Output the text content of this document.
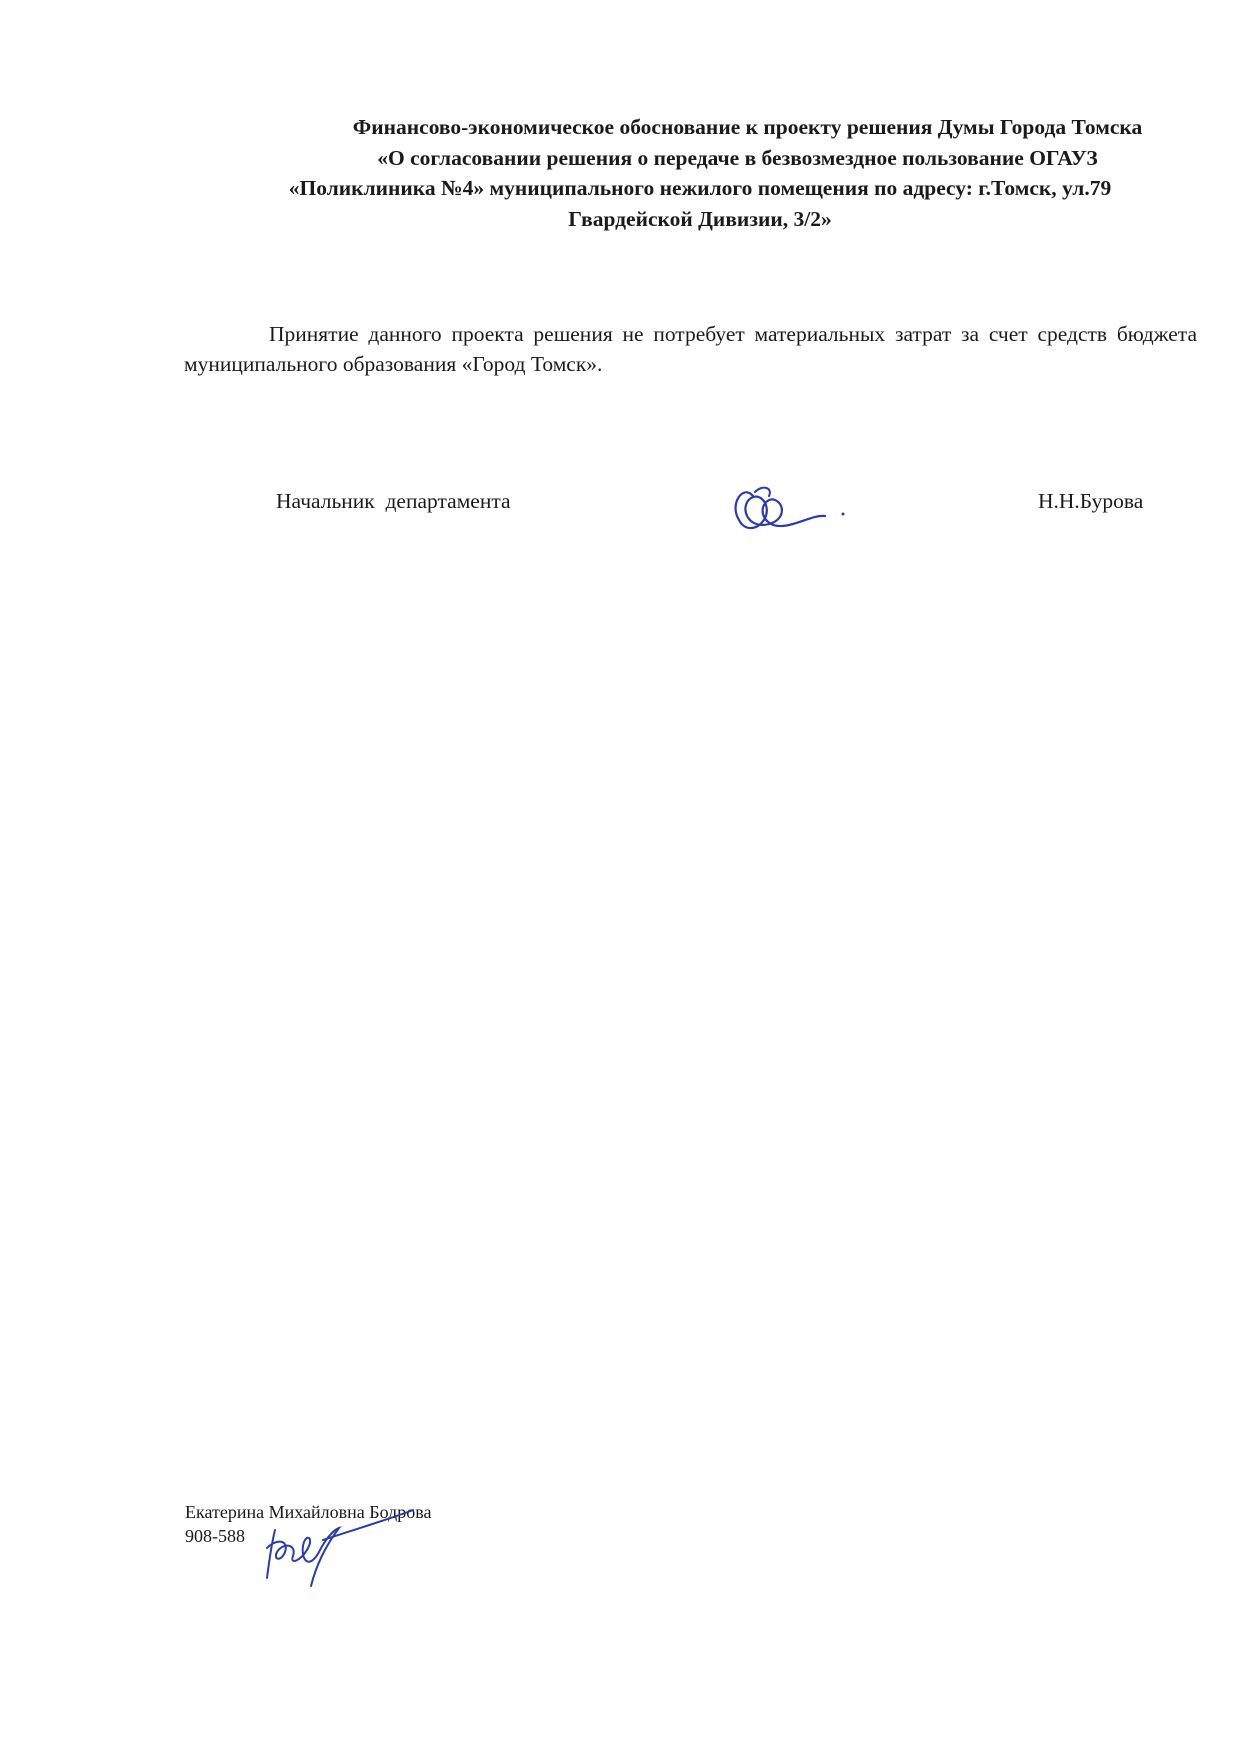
Финансово-экономическое обоснование к проекту решения Думы Города Томска
«О согласовании решения о передаче в безвозмездное пользование ОГАУЗ
«Поликлиника №4» муниципального нежилого помещения по адресу: г.Томск, ул.79
Гвардейской Дивизии, 3/2»
Принятие данного проекта решения не потребует материальных затрат за счет средств бюджета муниципального образования «Город Томск».
Начальник  департамента	Н.Н.Бурова
Екатерина Михайловна Бодрова
908-588
